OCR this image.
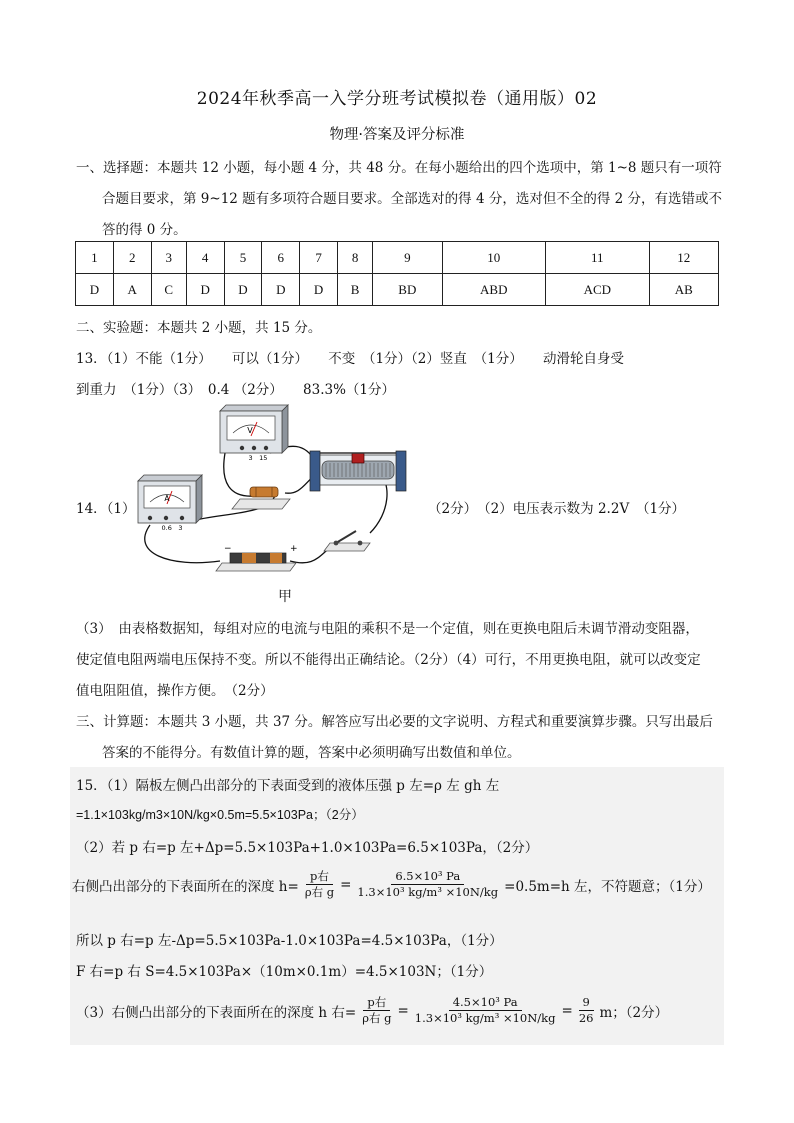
2024年秋季高一入学分班考试模拟卷（通用版）02
物理·答案及评分标准
一、选择题：本题共 12 小题，每小题 4 分，共 48 分。在每小题给出的四个选项中，第 1~8 题只有一项符
合题目要求，第 9~12 题有多项符合题目要求。全部选对的得 4 分，选对但不全的得 2 分，有选错或不
答的得 0 分。
1	2	3	4	5	6	7	8	9	10	11	12
D	A	C	D	D	D	D	B	BD	ABD	ACD	AB
二、实验题：本题共 2 小题，共 15 分。
13．（1）不能（1分）　　可以（1分）　　不变　（1分）（2）竖直　（1分）　　动滑轮自身受
到重力　（1分）（3）　0.4 （2分）　　83.3%（1分）
14．（1）
V
3　15
A
0.6　3
−	+
甲
（2分）　（2）电压表示数为 2.2V　（1分）
（3）　由表格数据知，每组对应的电流与电阻的乘积不是一个定值，则在更换电阻后未调节滑动变阻器，
使定值电阻两端电压保持不变。所以不能得出正确结论。（2分）（4）可行，不用更换电阻，就可以改变定
值电阻阻值，操作方便。　（2分）
三、计算题：本题共 3 小题，共 37 分。解答应写出必要的文字说明、方程式和重要演算步骤。只写出最后
答案的不能得分。有数值计算的题，答案中必须明确写出数值和单位。
15．（1）隔板左侧凸出部分的下表面受到的液体压强 p 左=ρ 左 gh 左
=1.1×103kg/m3×10N/kg×0.5m=5.5×103Pa；（2分）
（2）若 p 右=p 左+Δp=5.5×103Pa+1.0×103Pa=6.5×103Pa，（2分）
右侧凸出部分的下表面所在的深度 $h= \frac{\text{p右}}{\text{ρ右 g}} = \frac{\text{6.5×10³ Pa}}{\text{1.3×10³ kg/m³ ×10N/kg}} =0.5m=h$ 左，不符题意；（1分）
所以 p 右=p 左-Δp=5.5×103Pa-1.0×103Pa=4.5×103Pa，（1分）
F 右=p 右 S=4.5×103Pa×（10m×0.1m）=4.5×103N；（1分）
（3）右侧凸出部分的下表面所在的深度 h 右= $\frac{\text{p右}}{\text{ρ右 g}} = \frac{\text{4.5×10³ Pa}}{\text{1.3×10³ kg/m³ ×10N/kg}} = \frac{9}{26}$ m；（2分）
